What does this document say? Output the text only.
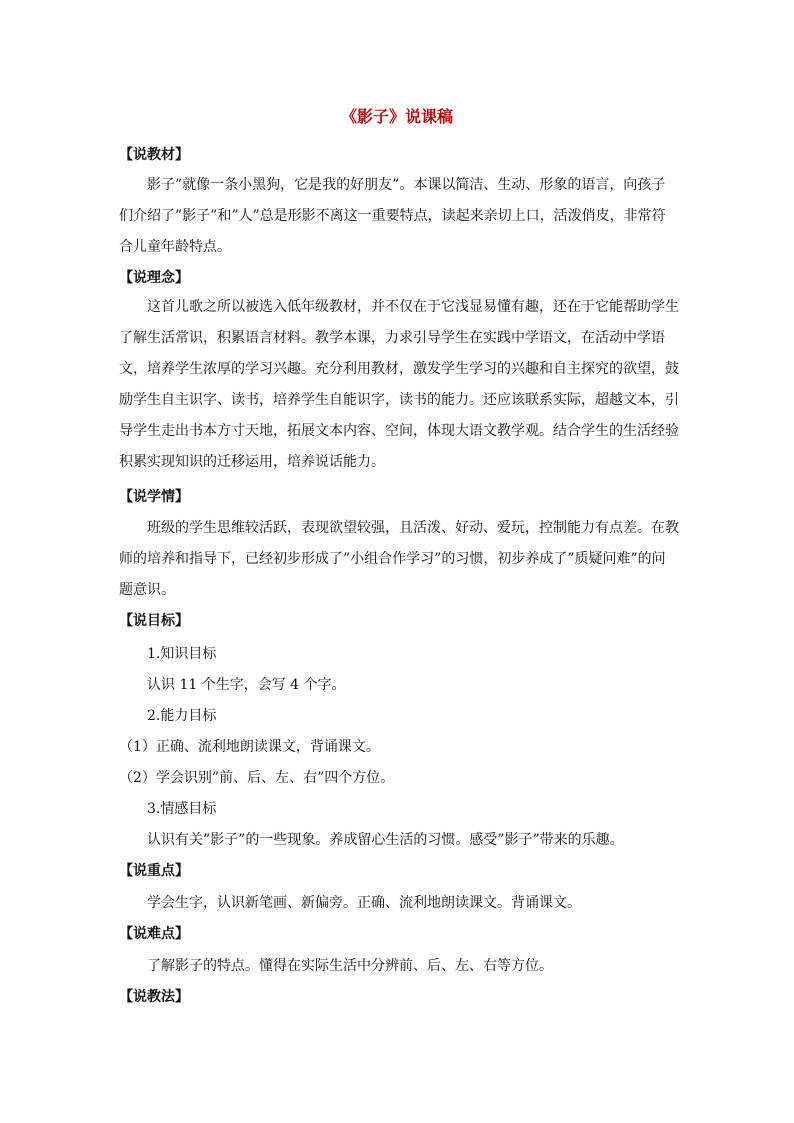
《影子》说课稿
【说教材】
影子”就像一条小黑狗，它是我的好朋友”。本课以简洁、生动、形象的语言，向孩子们介绍了”影子”和”人”总是形影不离这一重要特点，读起来亲切上口，活泼俏皮，非常符合儿童年龄特点。
【说理念】
这首儿歌之所以被选入低年级教材，并不仅在于它浅显易懂有趣，还在于它能帮助学生了解生活常识，积累语言材料。教学本课，力求引导学生在实践中学语文，在活动中学语文，培养学生浓厚的学习兴趣。充分利用教材，激发学生学习的兴趣和自主探究的欲望，鼓励学生自主识字、读书，培养学生自能识字，读书的能力。还应该联系实际，超越文本，引导学生走出书本方寸天地，拓展文本内容、空间，体现大语文教学观。结合学生的生活经验积累实现知识的迁移运用，培养说话能力。
【说学情】
班级的学生思维较活跃，表现欲望较强，且活泼、好动、爱玩，控制能力有点差。在教师的培养和指导下，已经初步形成了”小组合作学习”的习惯，初步养成了”质疑问难”的问题意识。
【说目标】
1.知识目标
认识 11 个生字，会写 4 个字。
2.能力目标
（1）正确、流利地朗读课文，背诵课文。
（2）学会识别”前、后、左、右”四个方位。
3.情感目标
认识有关”影子”的一些现象。养成留心生活的习惯。感受”影子”带来的乐趣。
【说重点】
学会生字，认识新笔画、新偏旁。正确、流利地朗读课文。背诵课文。
【说难点】
了解影子的特点。懂得在实际生活中分辨前、后、左、右等方位。
【说教法】
